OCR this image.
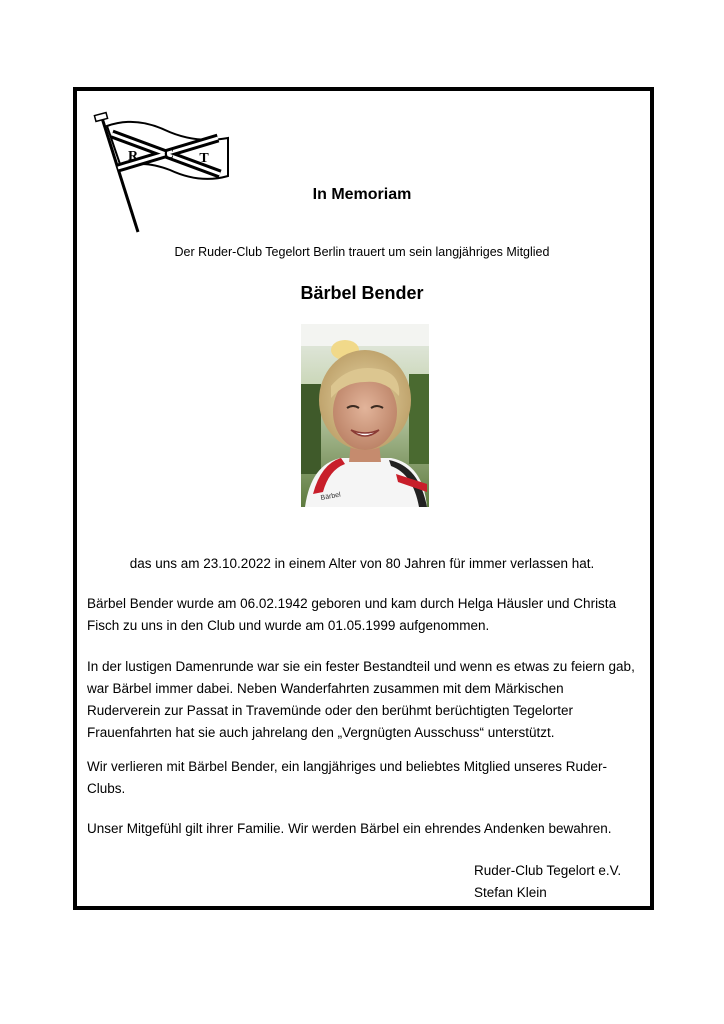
R C T
In Memoriam
Der Ruder-Club Tegelort Berlin trauert um sein langjähriges Mitglied
Bärbel Bender
Bärbel
das uns am 23.10.2022 in einem Alter von 80 Jahren für immer verlassen hat.

Bärbel Bender wurde am 06.02.1942 geboren und kam durch Helga Häusler und Christa Fisch zu uns in den Club und wurde am 01.05.1999 aufgenommen.

In der lustigen Damenrunde war sie ein fester Bestandteil und wenn es etwas zu feiern gab, war Bärbel immer dabei. Neben Wanderfahrten zusammen mit dem Märkischen Ruderverein zur Passat in Travemünde oder den berühmt berüchtigten Tegelorter Frauenfahrten hat sie auch jahrelang den „Vergnügten Ausschuss“ unterstützt.

Wir verlieren mit Bärbel Bender, ein langjähriges und beliebtes Mitglied unseres Ruder-Clubs.

Unser Mitgefühl gilt ihrer Familie. Wir werden Bärbel ein ehrendes Andenken bewahren.

Ruder-Club Tegelort e.V.
Stefan Klein
